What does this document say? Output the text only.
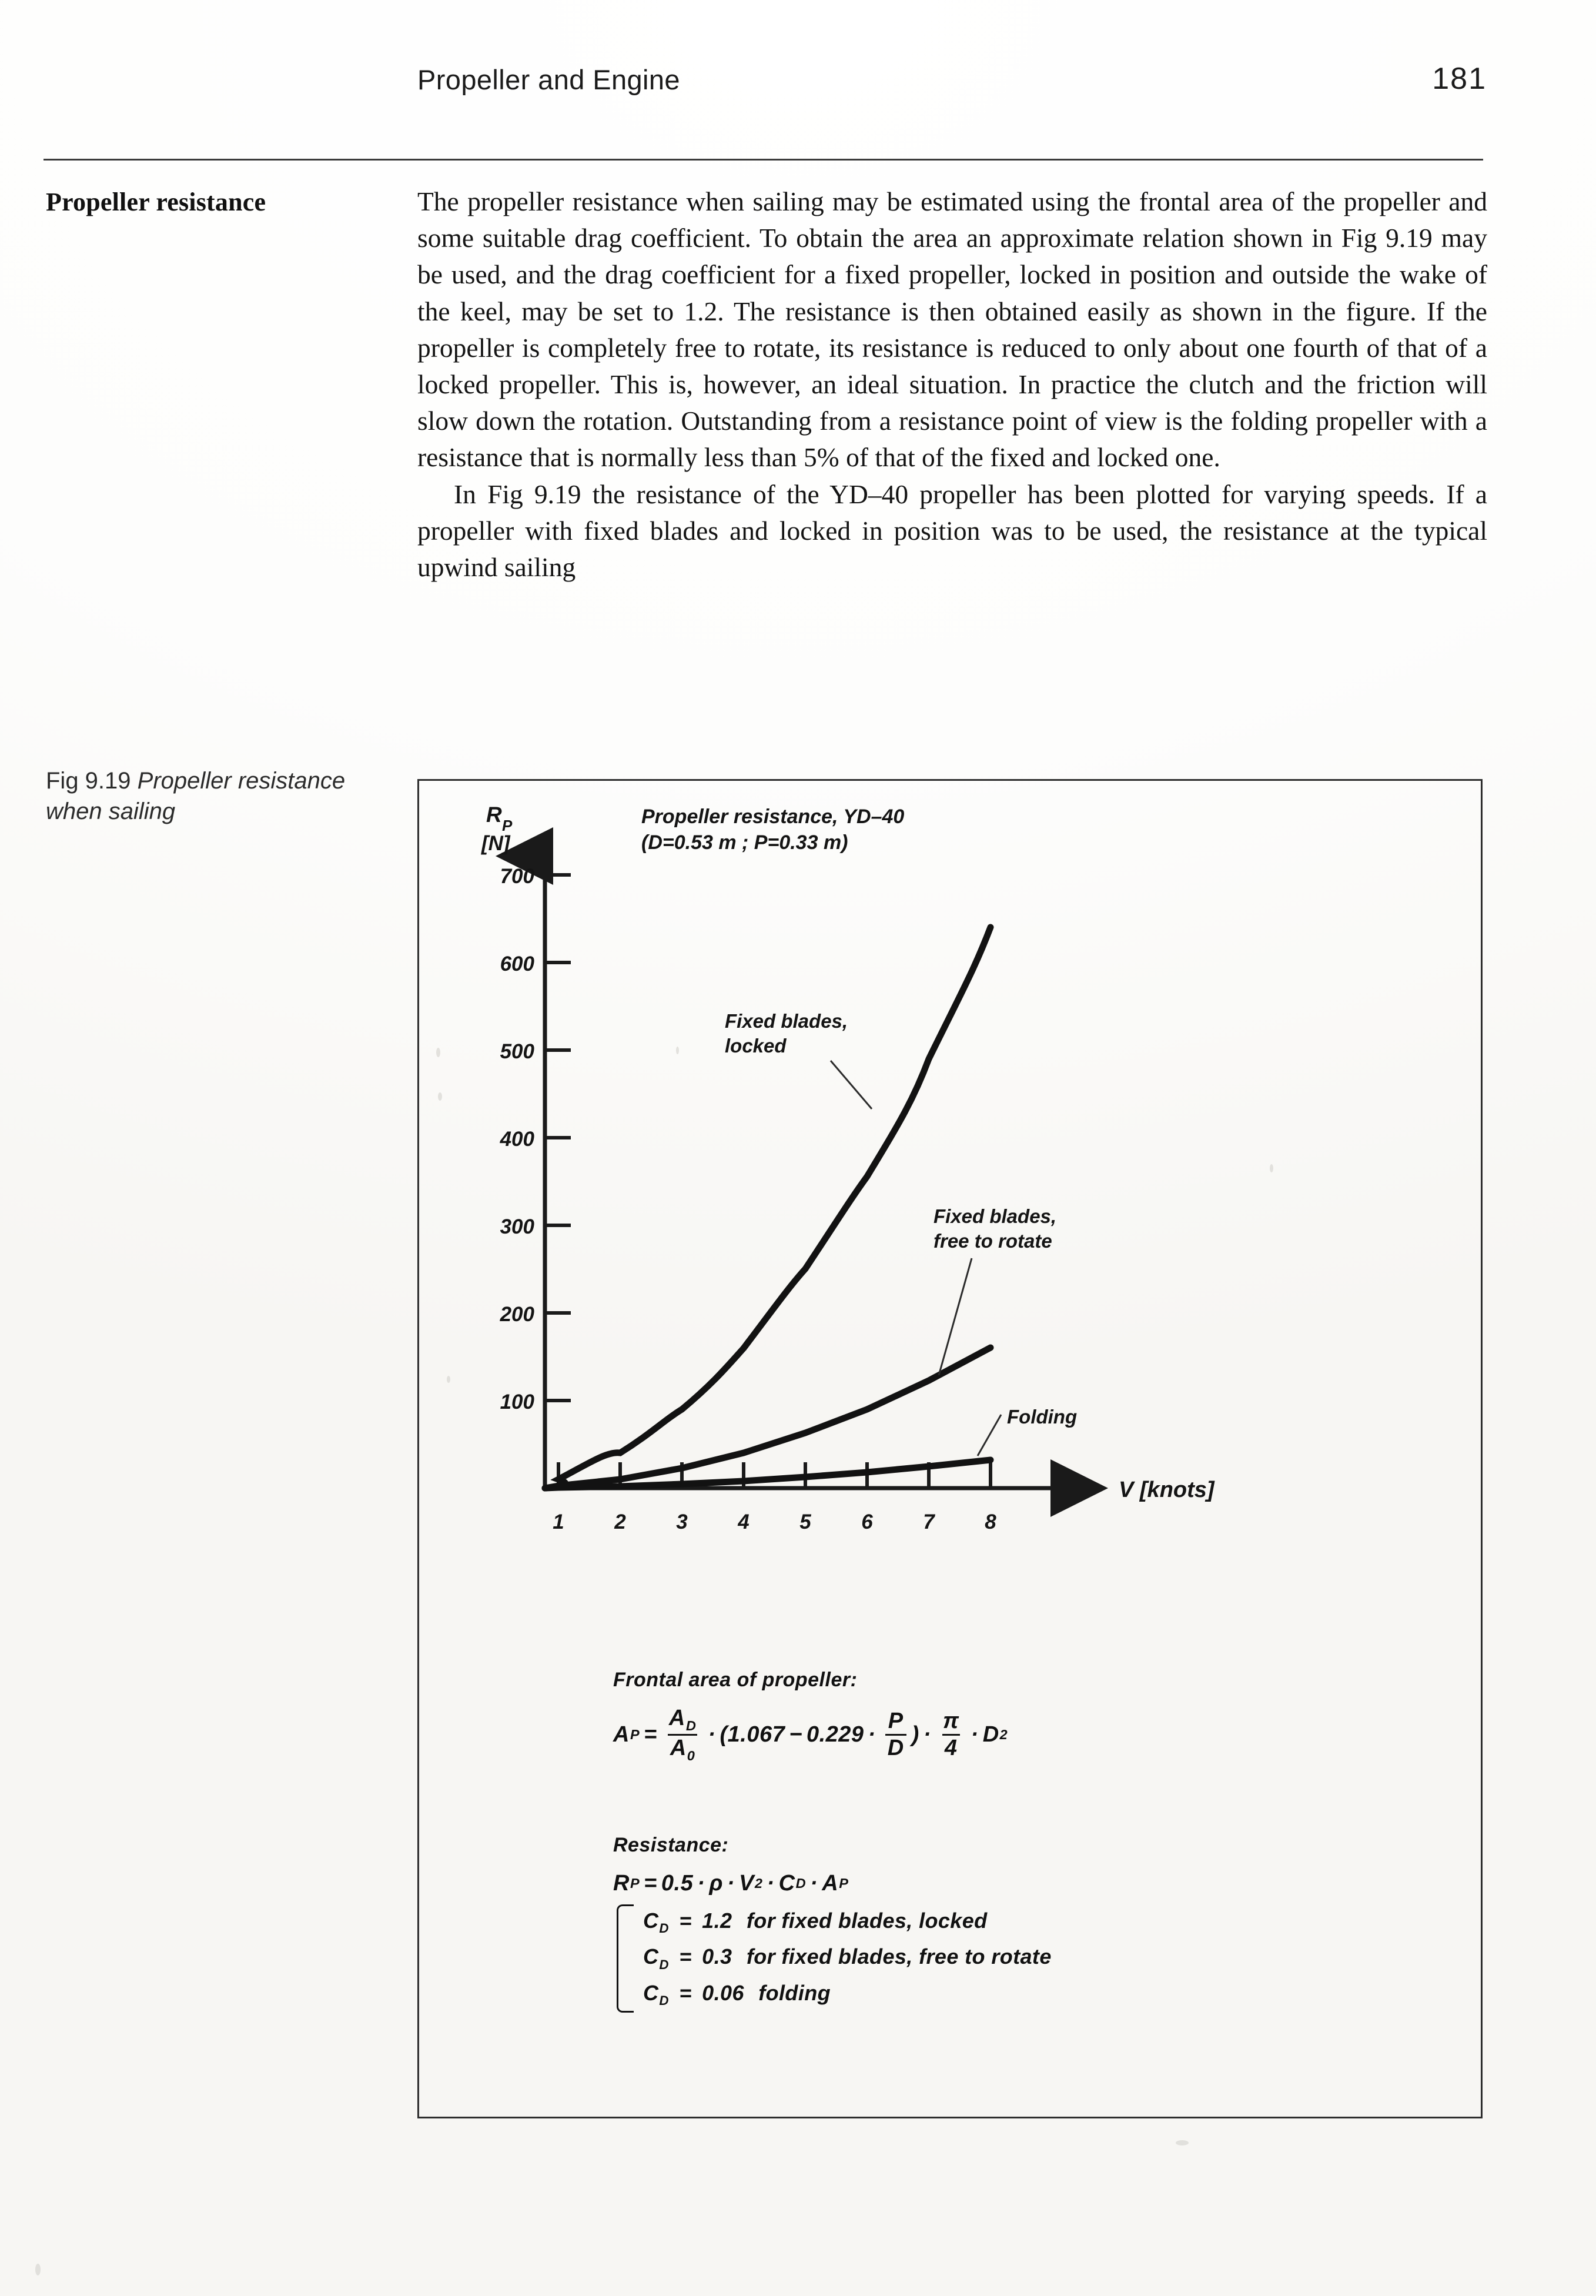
Propeller and Engine	181
Propeller resistance
Fig 9.19 Propeller resistance when sailing

The propeller resistance when sailing may be estimated using the frontal area of the propeller and some suitable drag coefficient. To obtain the area an approximate relation shown in Fig 9.19 may be used, and the drag coefficient for a fixed propeller, locked in position and outside the wake of the keel, may be set to 1.2. The resistance is then obtained easily as shown in the figure. If the propeller is completely free to rotate, its resistance is reduced to only about one fourth of that of a locked propeller. This is, however, an ideal situation. In practice the clutch and the friction will slow down the rotation. Outstanding from a resistance point of view is the folding propeller with a resistance that is normally less than 5% of that of the fixed and locked one.

In Fig 9.19 the resistance of the YD–40 propeller has been plotted for varying speeds. If a propeller with fixed blades and locked in position was to be used, the resistance at the typical upwind sailing

700
600
500
400
300
200
100
R P
[N]
1 2 3 4 5 6 7 8
V [knots]
Propeller resistance, YD–40
(D=0.53 m ; P=0.33 m)
Fixed blades,
locked
Fixed blades,
free to rotate
Folding
Frontal area of propeller:
A $P = \frac{A_D}{A_0}$ · ( $1.067 - 0.229 \cdot \frac{P}{D}$ ) · $\frac{\pi}{4} \cdot D$ 2
Resistance:
R P = 0.5 · ρ · V 2 · C D · A P
$C_D = 1.2$ for fixed blades, locked
$C_D = 0.3$ for fixed blades, free to rotate
$C_D = 0.06$ folding
